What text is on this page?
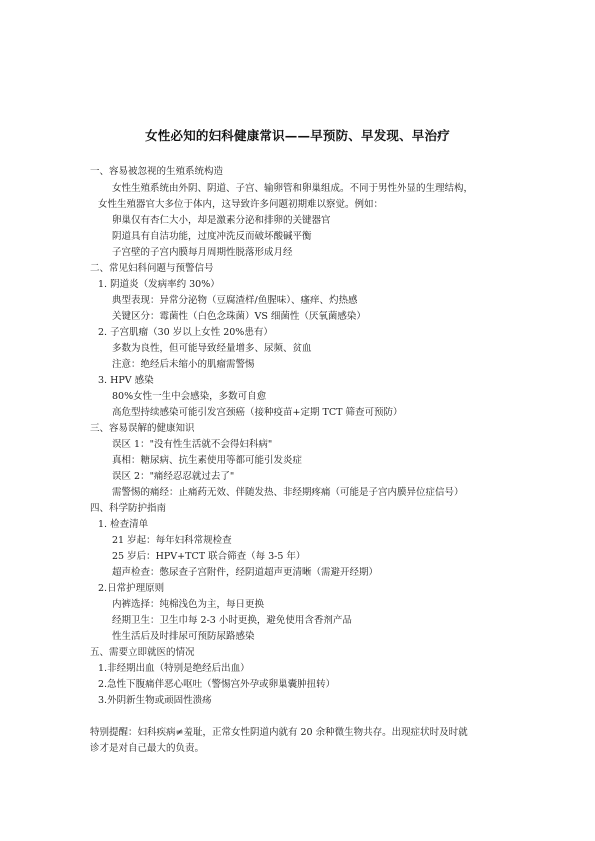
女性必知的妇科健康常识——早预防、早发现、早治疗
一、容易被忽视的生殖系统构造
女性生殖系统由外阴、阴道、子宫、输卵管和卵巢组成。不同于男性外显的生理结构，
女性生殖器官大多位于体内，这导致许多问题初期难以察觉。例如：
卵巢仅有杏仁大小，却是激素分泌和排卵的关键器官
阴道具有自洁功能，过度冲洗反而破坏酸碱平衡
子宫壁的子宫内膜每月周期性脱落形成月经
二、常见妇科问题与预警信号
1. 阴道炎（发病率约 30%）
典型表现：异常分泌物（豆腐渣样/鱼腥味）、瘙痒、灼热感
关键区分：霉菌性（白色念珠菌）VS 细菌性（厌氧菌感染）
2. 子宫肌瘤（30 岁以上女性 20%患有）
多数为良性，但可能导致经量增多、尿频、贫血
注意：绝经后未缩小的肌瘤需警惕
3. HPV 感染
80%女性一生中会感染，多数可自愈
高危型持续感染可能引发宫颈癌（接种疫苗+定期 TCT 筛查可预防）
三、容易误解的健康知识
误区 1："没有性生活就不会得妇科病"
真相：糖尿病、抗生素使用等都可能引发炎症
误区 2："痛经忍忍就过去了"
需警惕的痛经：止痛药无效、伴随发热、非经期疼痛（可能是子宫内膜异位症信号）
四、科学防护指南
1. 检查清单
21 岁起：每年妇科常规检查
25 岁后：HPV+TCT 联合筛查（每 3-5 年）
超声检查：憋尿查子宫附件，经阴道超声更清晰（需避开经期）
2.日常护理原则
内裤选择：纯棉浅色为主，每日更换
经期卫生：卫生巾每 2-3 小时更换，避免使用含香剂产品
性生活后及时排尿可预防尿路感染
五、需要立即就医的情况
1.非经期出血（特别是绝经后出血）
2.急性下腹痛伴恶心呕吐（警惕宫外孕或卵巢囊肿扭转）
3.外阴新生物或顽固性溃疡
特别提醒：妇科疾病≠羞耻，正常女性阴道内就有 20 余种微生物共存。出现症状时及时就
诊才是对自己最大的负责。
